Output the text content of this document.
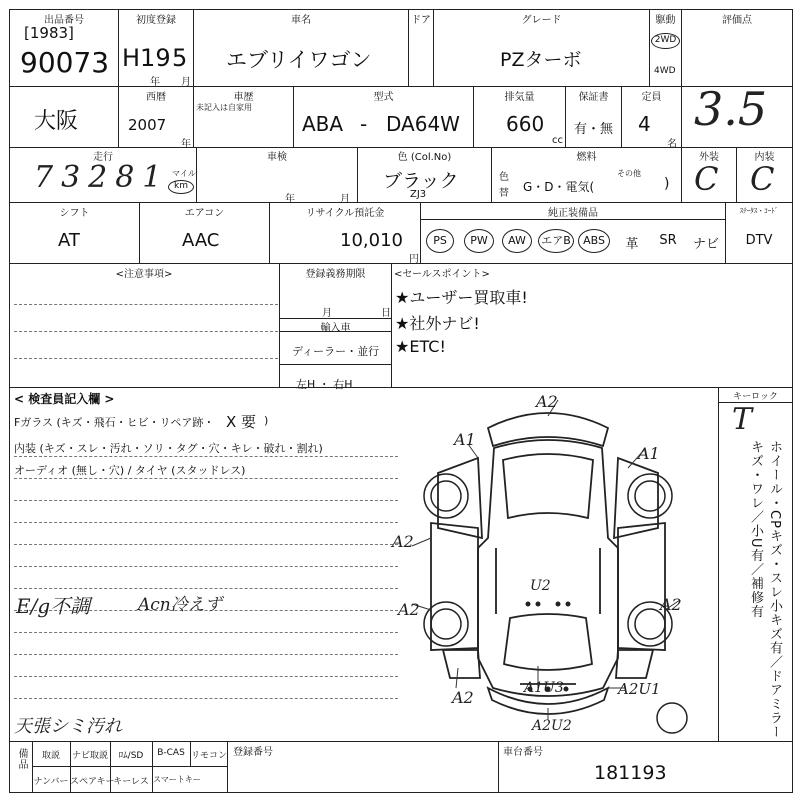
出品番号
[1983]
90073
初度登録
H19 5
年 月
車名
エブリイワゴン
ドア	グレード
PZターボ
駆動
2WD
4WD
評価点
大阪
西暦
2007
年
車歴
未記入は自家用
型式
ABA - DA64W
排気量
660
cc
保証書
有・無
定員
4
名
3.5
走行
73281 マイル
km
車検
年	月
色 (Col.No)
ブラック
ZJ3
色
替
燃料
G・D・電気(
その他
)
外装
C
内装
C
シフト
AT
エアコン
AAC
リサイクル預託金
10,010
円
純正装備品
PS	PW	AW	エアB	ABS	革	SR	ナビ
ｽﾃｰﾀｽ・ｺｰﾄﾞ
DTV
<注意事項>	登録義務期限
月	日
輸入車
ディーラー・並行
左H ・ 右H
<セールスポイント>
★ユーザー買取車!
★社外ナビ!
★ETC!
< 検査員記入欄 >
Fガラス (キズ・飛石・ヒビ・リペア跡・ X 要 )
内装 (キズ・スレ・汚れ・ソリ・タグ・穴・キレ・破れ・割れ)
オーディオ (無し・穴) / タイヤ (スタッドレス)
E/g不調	Acn冷えず
天張シミ汚れ
A2
A1
A1
A2
U2
A2	A2
A2	A1U3	A2U1
A2U2
キーロック
T
ホイール・CPキズ・スレ小キズ有／ドアミラーキズ・ワレ／小U有／補修有
備品	取説	ナビ取説	ﾛﾑ/SD	B-CAS リモコン
ナンバー スペアキー
キーレス スマートキー
登録番号	車台番号
181193
